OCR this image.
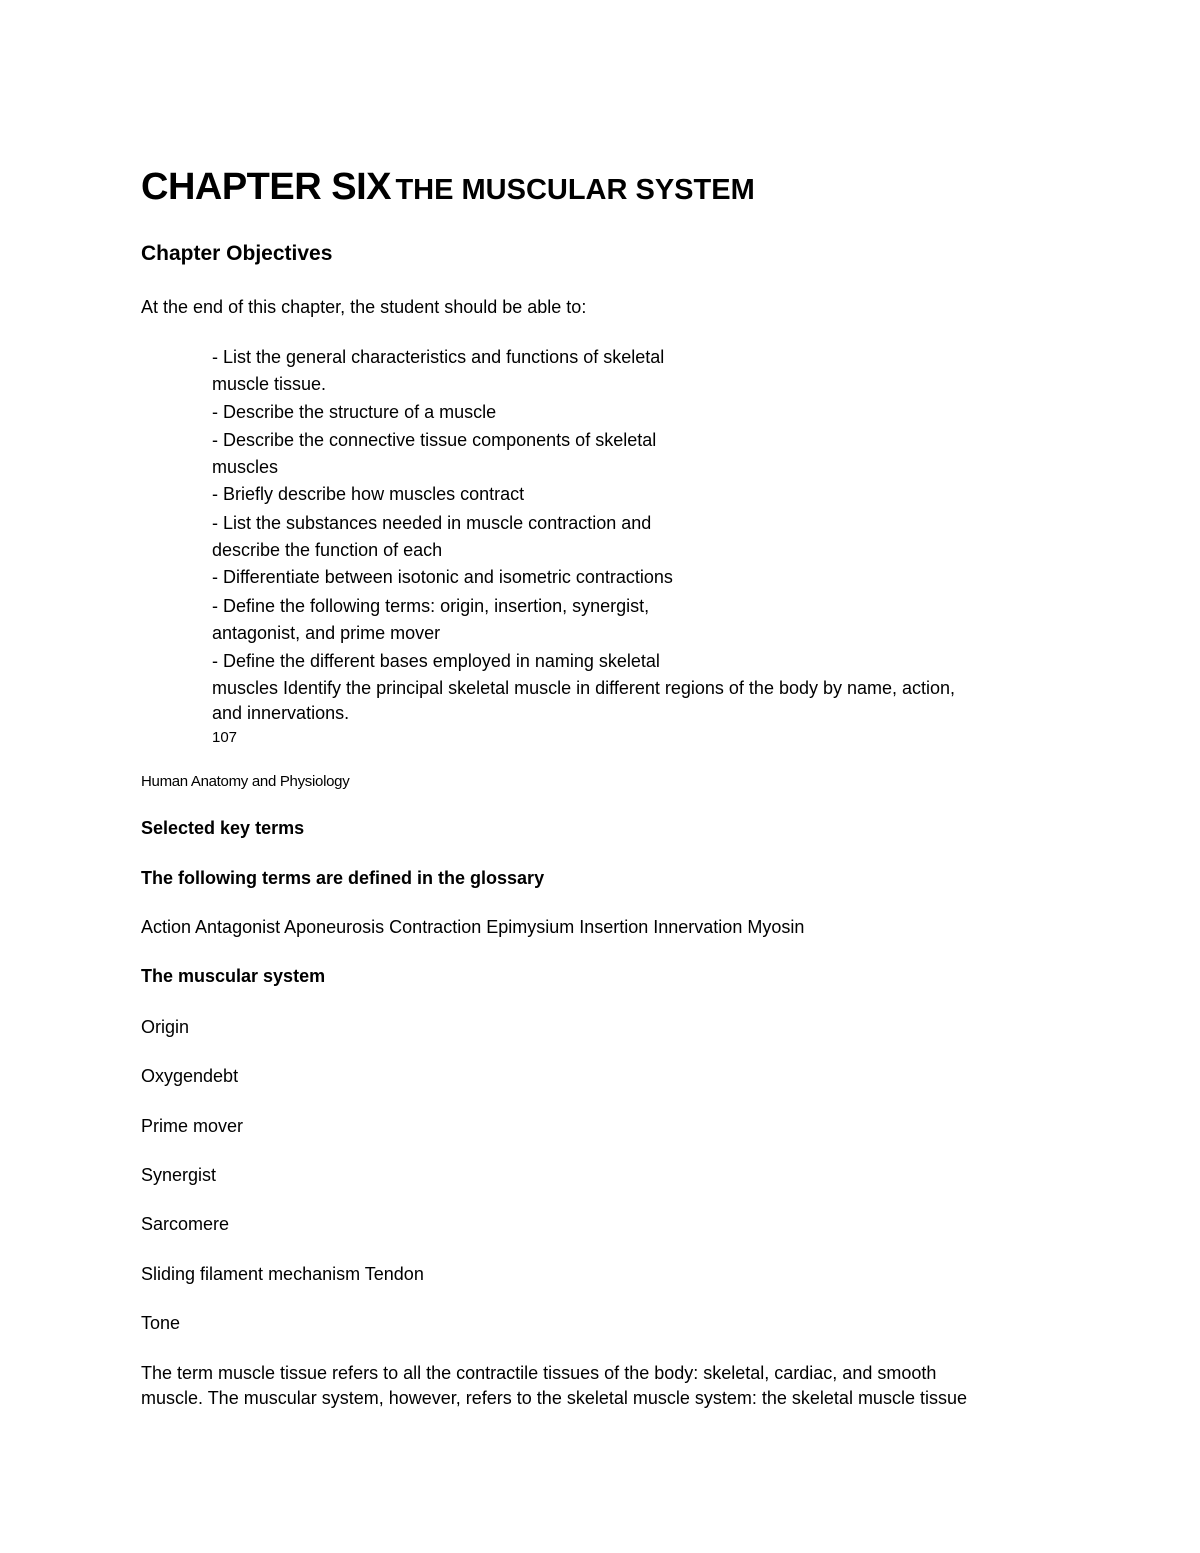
CHAPTER SIX THE MUSCULAR SYSTEM
Chapter Objectives
At the end of this chapter, the student should be able to:
- List the general characteristics and functions of skeletal
muscle tissue.
- Describe the structure of a muscle
- Describe the connective tissue components of skeletal
muscles
- Briefly describe how muscles contract
- List the substances needed in muscle contraction and
describe the function of each
- Differentiate between isotonic and isometric contractions
- Define the following terms: origin, insertion, synergist,
antagonist, and prime mover
- Define the different bases employed in naming skeletal
muscles Identify the principal skeletal muscle in different regions of the body by name, action,
and innervations.
107
Human Anatomy and Physiology
Selected key terms
The following terms are defined in the glossary
Action Antagonist Aponeurosis Contraction Epimysium Insertion Innervation Myosin
The muscular system
Origin
Oxygendebt
Prime mover
Synergist
Sarcomere
Sliding filament mechanism Tendon
Tone
The term muscle tissue refers to all the contractile tissues of the body: skeletal, cardiac, and smooth
muscle. The muscular system, however, refers to the skeletal muscle system: the skeletal muscle tissue
